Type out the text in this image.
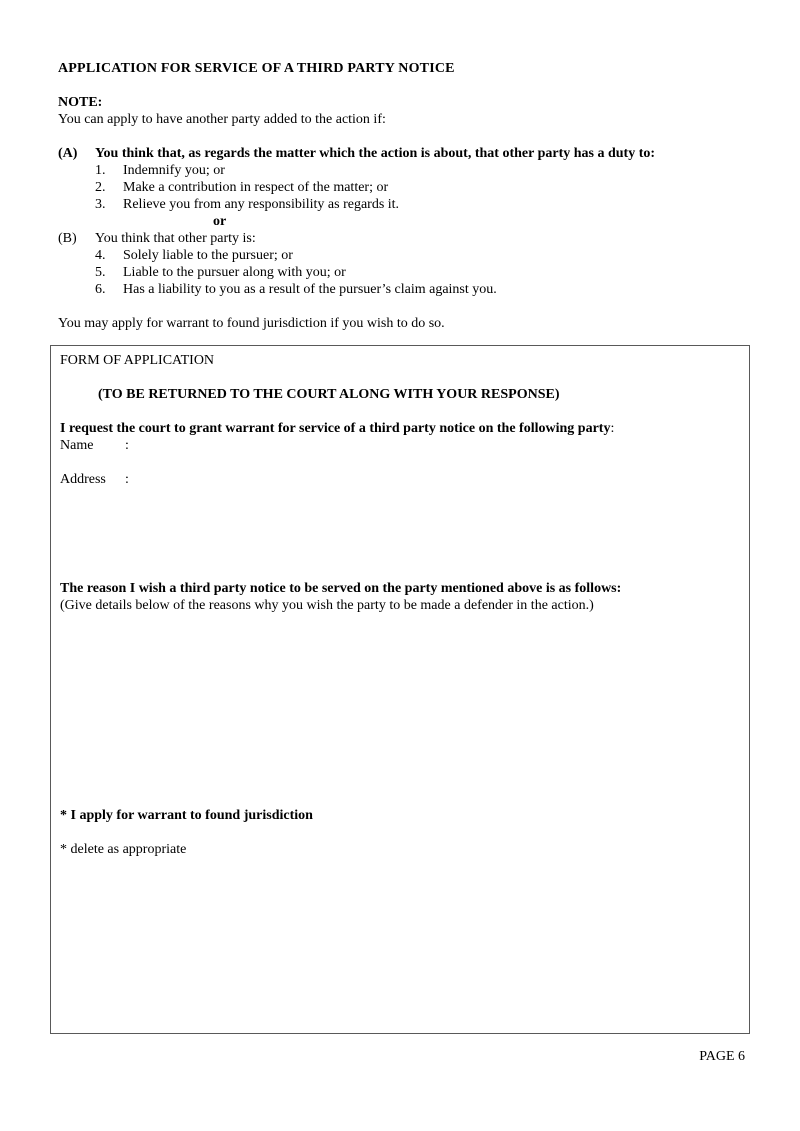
APPLICATION FOR SERVICE OF A THIRD PARTY NOTICE
NOTE:
You can apply to have another party added to the action if:
(A)	You think that, as regards the matter which the action is about, that other party has a duty to:
1.	Indemnify you; or
2.	Make a contribution in respect of the matter; or
3.	Relieve you from any responsibility as regards it.
or
(B)	You think that other party is:
4.	Solely liable to the pursuer; or
5.	Liable to the pursuer along with you; or
6.	Has a liability to you as a result of the pursuer’s claim against you.
You may apply for warrant to found jurisdiction if you wish to do so.
FORM OF APPLICATION
(TO BE RETURNED TO THE COURT ALONG WITH YOUR RESPONSE)
I request the court to grant warrant for service of a third party notice on the following party:
Name	:
Address	:
The reason I wish a third party notice to be served on the party mentioned above is as follows:
(Give details below of the reasons why you wish the party to be made a defender in the action.)
* I apply for warrant to found jurisdiction
* delete as appropriate
PAGE 6
